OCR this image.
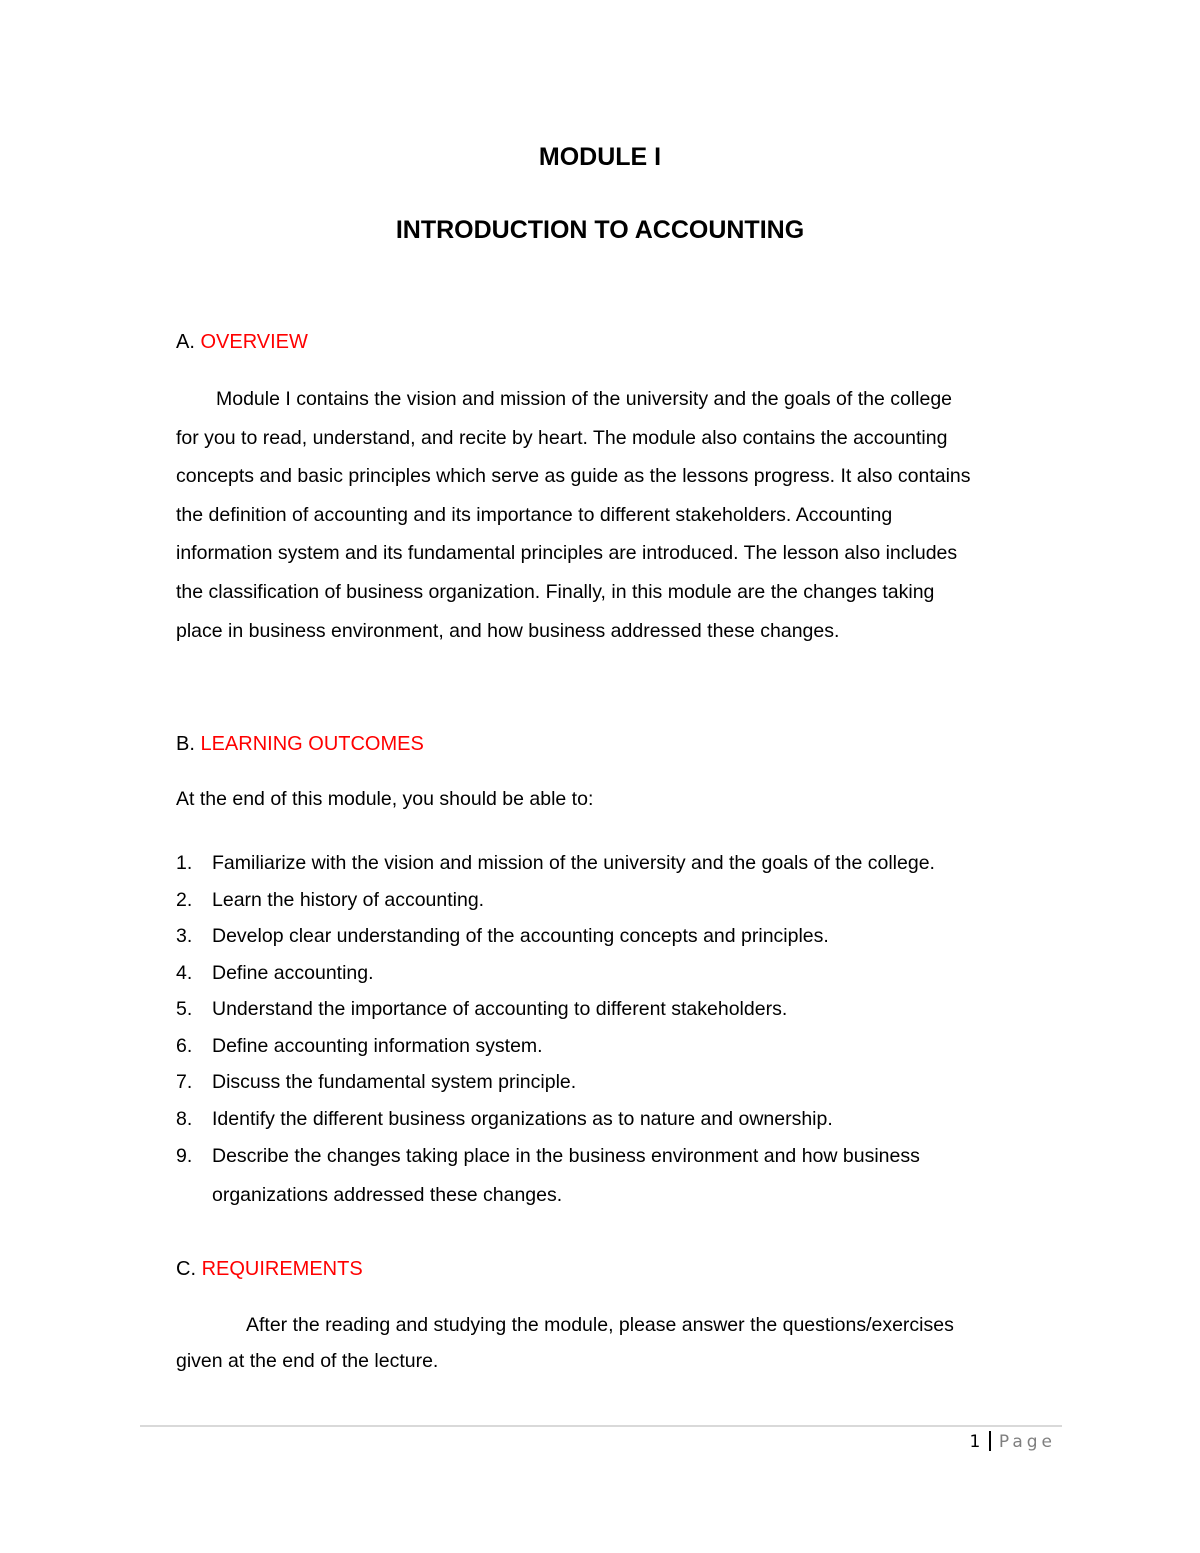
MODULE I
INTRODUCTION TO ACCOUNTING
A. OVERVIEW
Module I contains the vision and mission of the university and the goals of the college
for you to read, understand, and recite by heart. The module also contains the accounting
concepts and basic principles which serve as guide as the lessons progress. It also contains
the definition of accounting and its importance to different stakeholders. Accounting
information system and its fundamental principles are introduced. The lesson also includes
the classification of business organization. Finally, in this module are the changes taking
place in business environment, and how business addressed these changes.
B. LEARNING OUTCOMES
At the end of this module, you should be able to:
1. Familiarize with the vision and mission of the university and the goals of the college.
2. Learn the history of accounting.
3. Develop clear understanding of the accounting concepts and principles.
4. Define accounting.
5. Understand the importance of accounting to different stakeholders.
6. Define accounting information system.
7. Discuss the fundamental system principle.
8. Identify the different business organizations as to nature and ownership.
9. Describe the changes taking place in the business environment and how business
organizations addressed these changes.
C. REQUIREMENTS
After the reading and studying the module, please answer the questions/exercises
given at the end of the lecture.
1 Page
